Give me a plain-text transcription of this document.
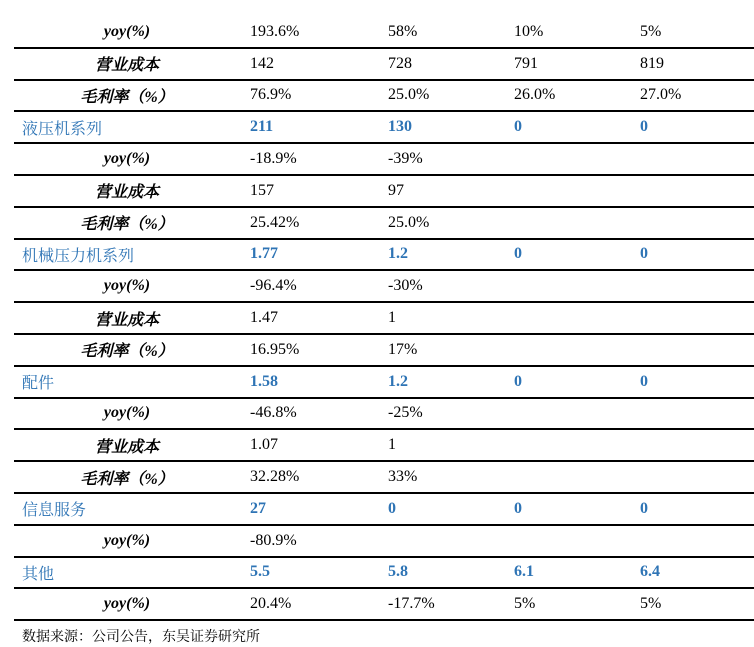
yoy(%)	193.6%	58%	10%	5%
营业成本	142	728	791	819
毛利率（%）	76.9%	25.0%	26.0%	27.0%
液压机系列	211	130	0	0
yoy(%)	-18.9%	-39%
营业成本	157	97
毛利率（%）	25.42%	25.0%
机械压力机系列	1.77	1.2	0	0
yoy(%)	-96.4%	-30%
营业成本	1.47	1
毛利率（%）	16.95%	17%
配件	1.58	1.2	0	0
yoy(%)	-46.8%	-25%
营业成本	1.07	1
毛利率（%）	32.28%	33%
信息服务	27	0	0	0
yoy(%)	-80.9%
其他	5.5	5.8	6.1	6.4
yoy(%)	20.4%	-17.7%	5%	5%
数据来源：公司公告，东吴证券研究所
